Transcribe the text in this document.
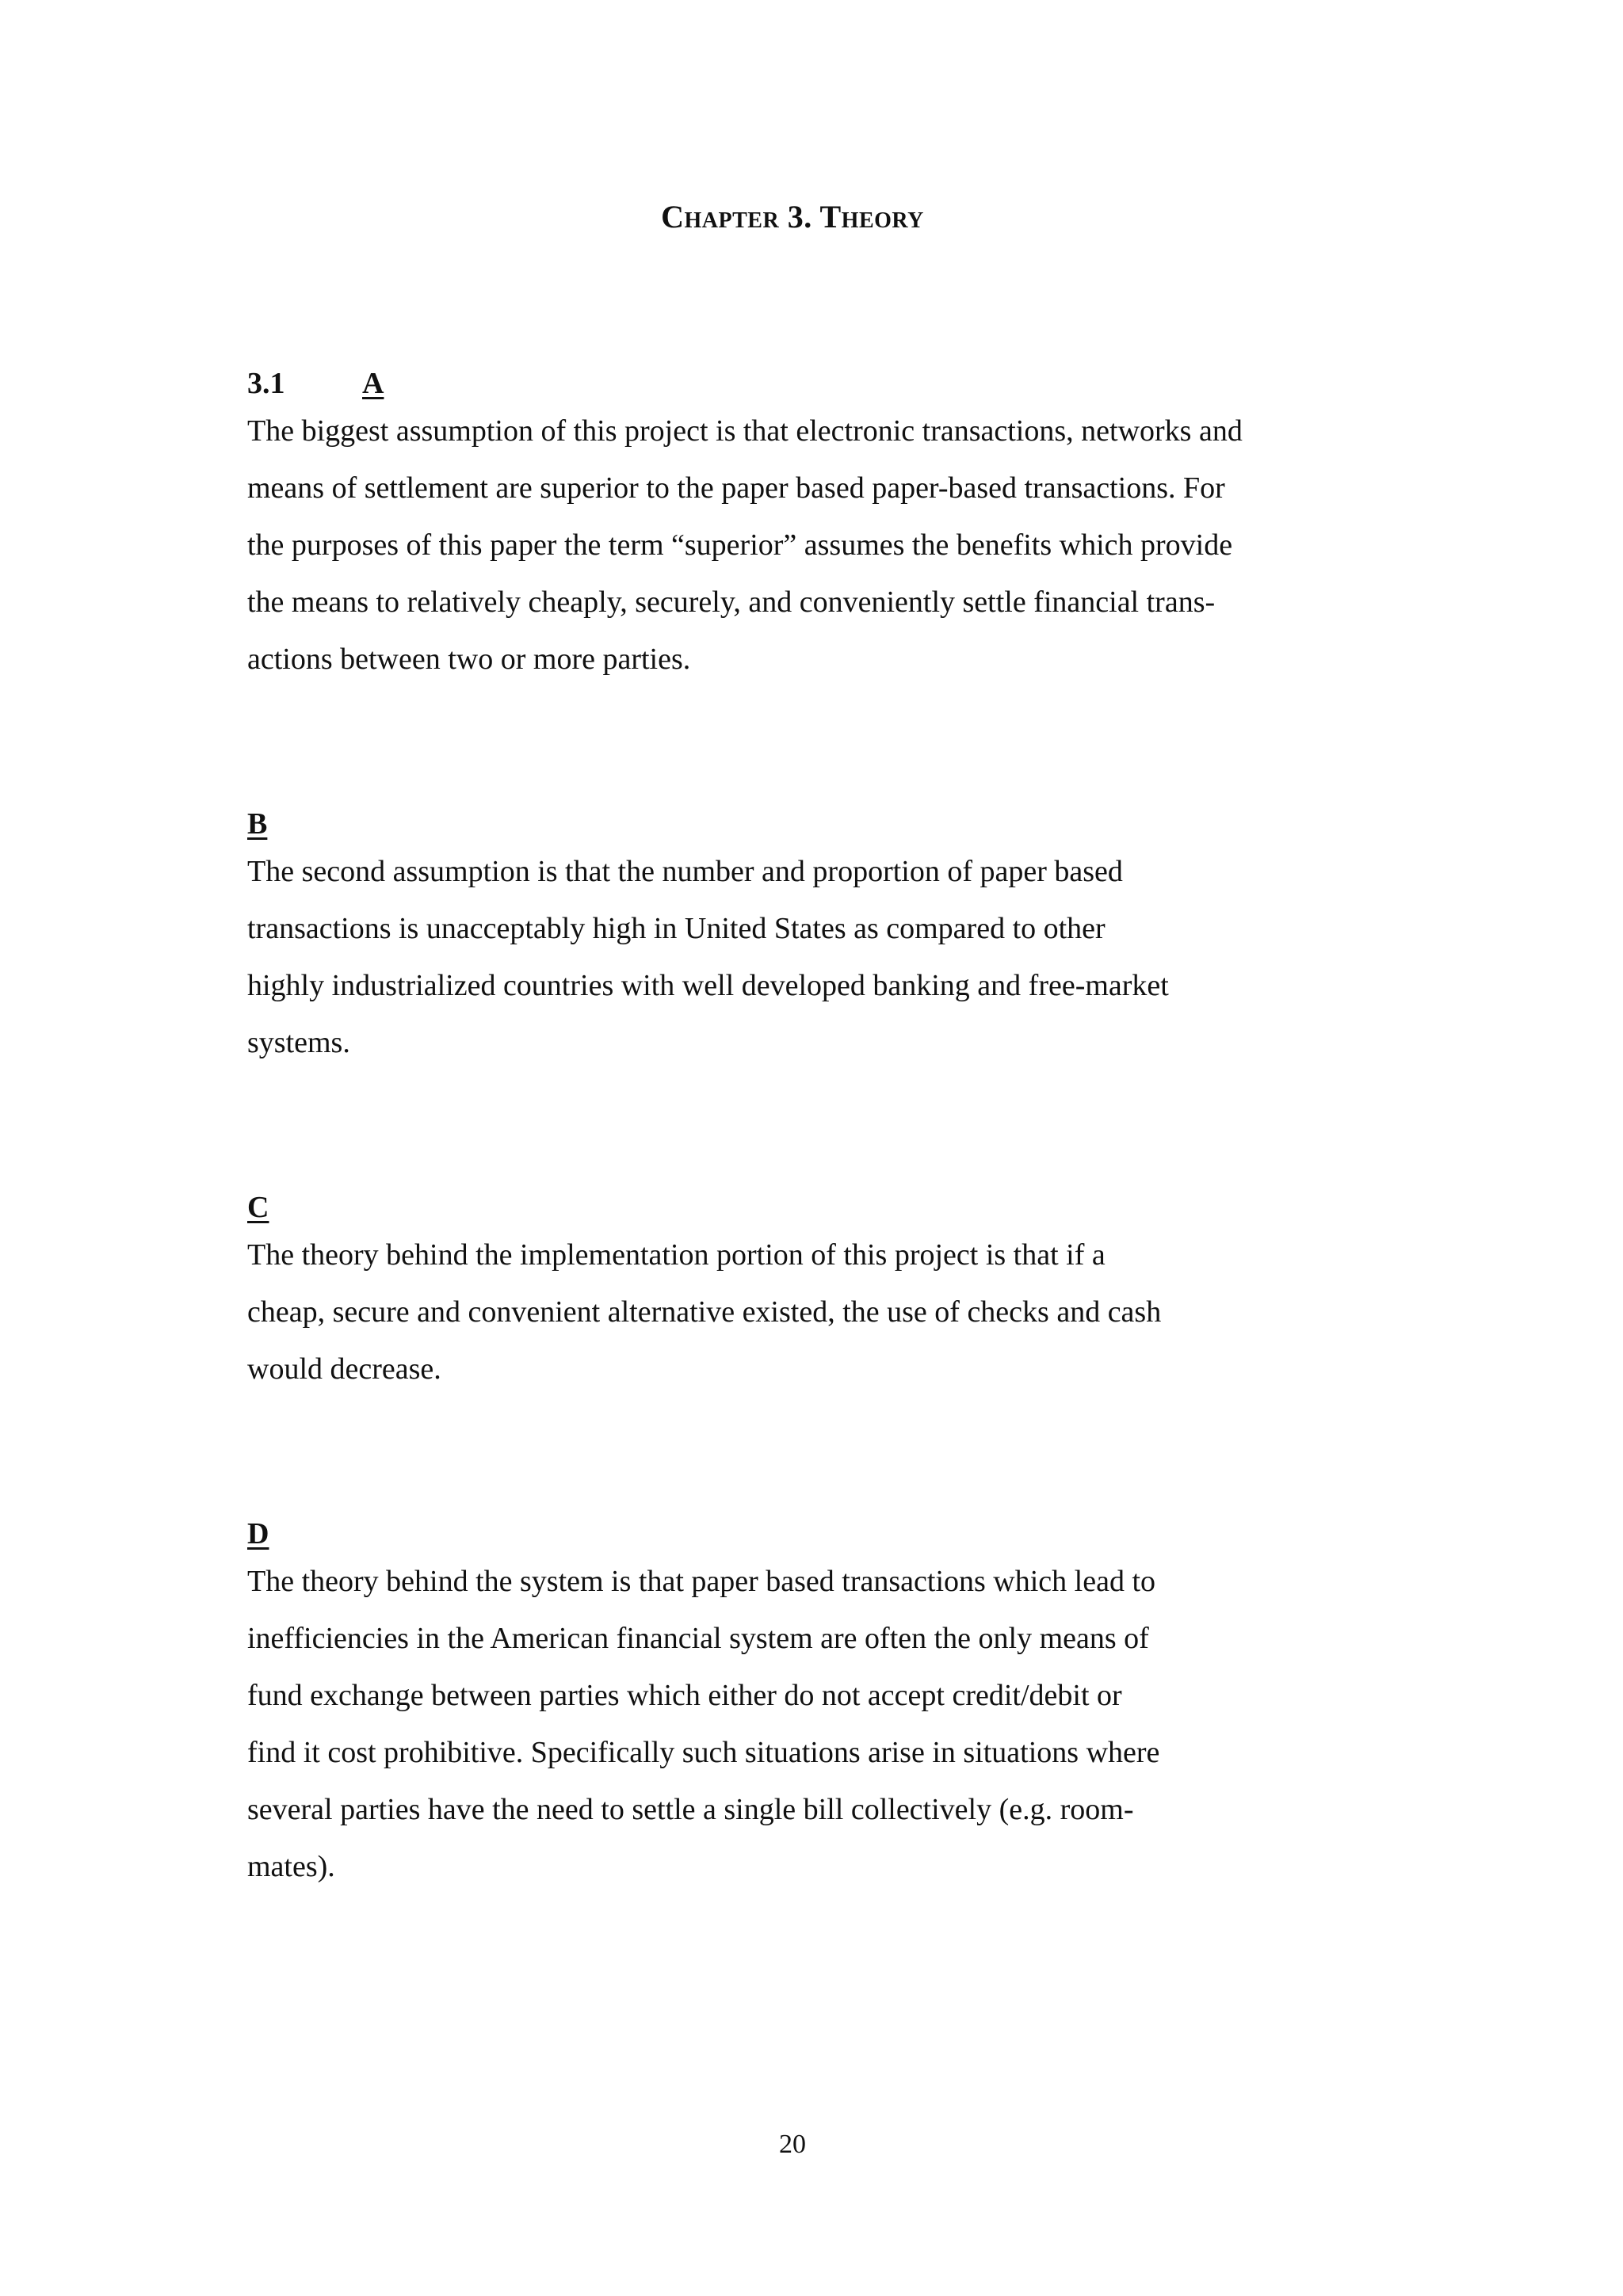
Chapter 3. Theory
3.1	A

The biggest assumption of this project is that electronic transactions, networks and
means of settlement are superior to the paper based paper-based transactions. For
the purposes of this paper the term “superior” assumes the benefits which provide
the means to relatively cheaply, securely, and conveniently settle financial trans-
actions between two or more parties.

B

The second assumption is that the number and proportion of paper based
transactions is unacceptably high in United States as compared to other
highly industrialized countries with well developed banking and free-market
systems.

C

The theory behind the implementation portion of this project is that if a
cheap, secure and convenient alternative existed, the use of checks and cash
would decrease.

D

The theory behind the system is that paper based transactions which lead to
inefficiencies in the American financial system are often the only means of
fund exchange between parties which either do not accept credit/debit or
find it cost prohibitive. Specifically such situations arise in situations where
several parties have the need to settle a single bill collectively (e.g. room-
mates).

20
